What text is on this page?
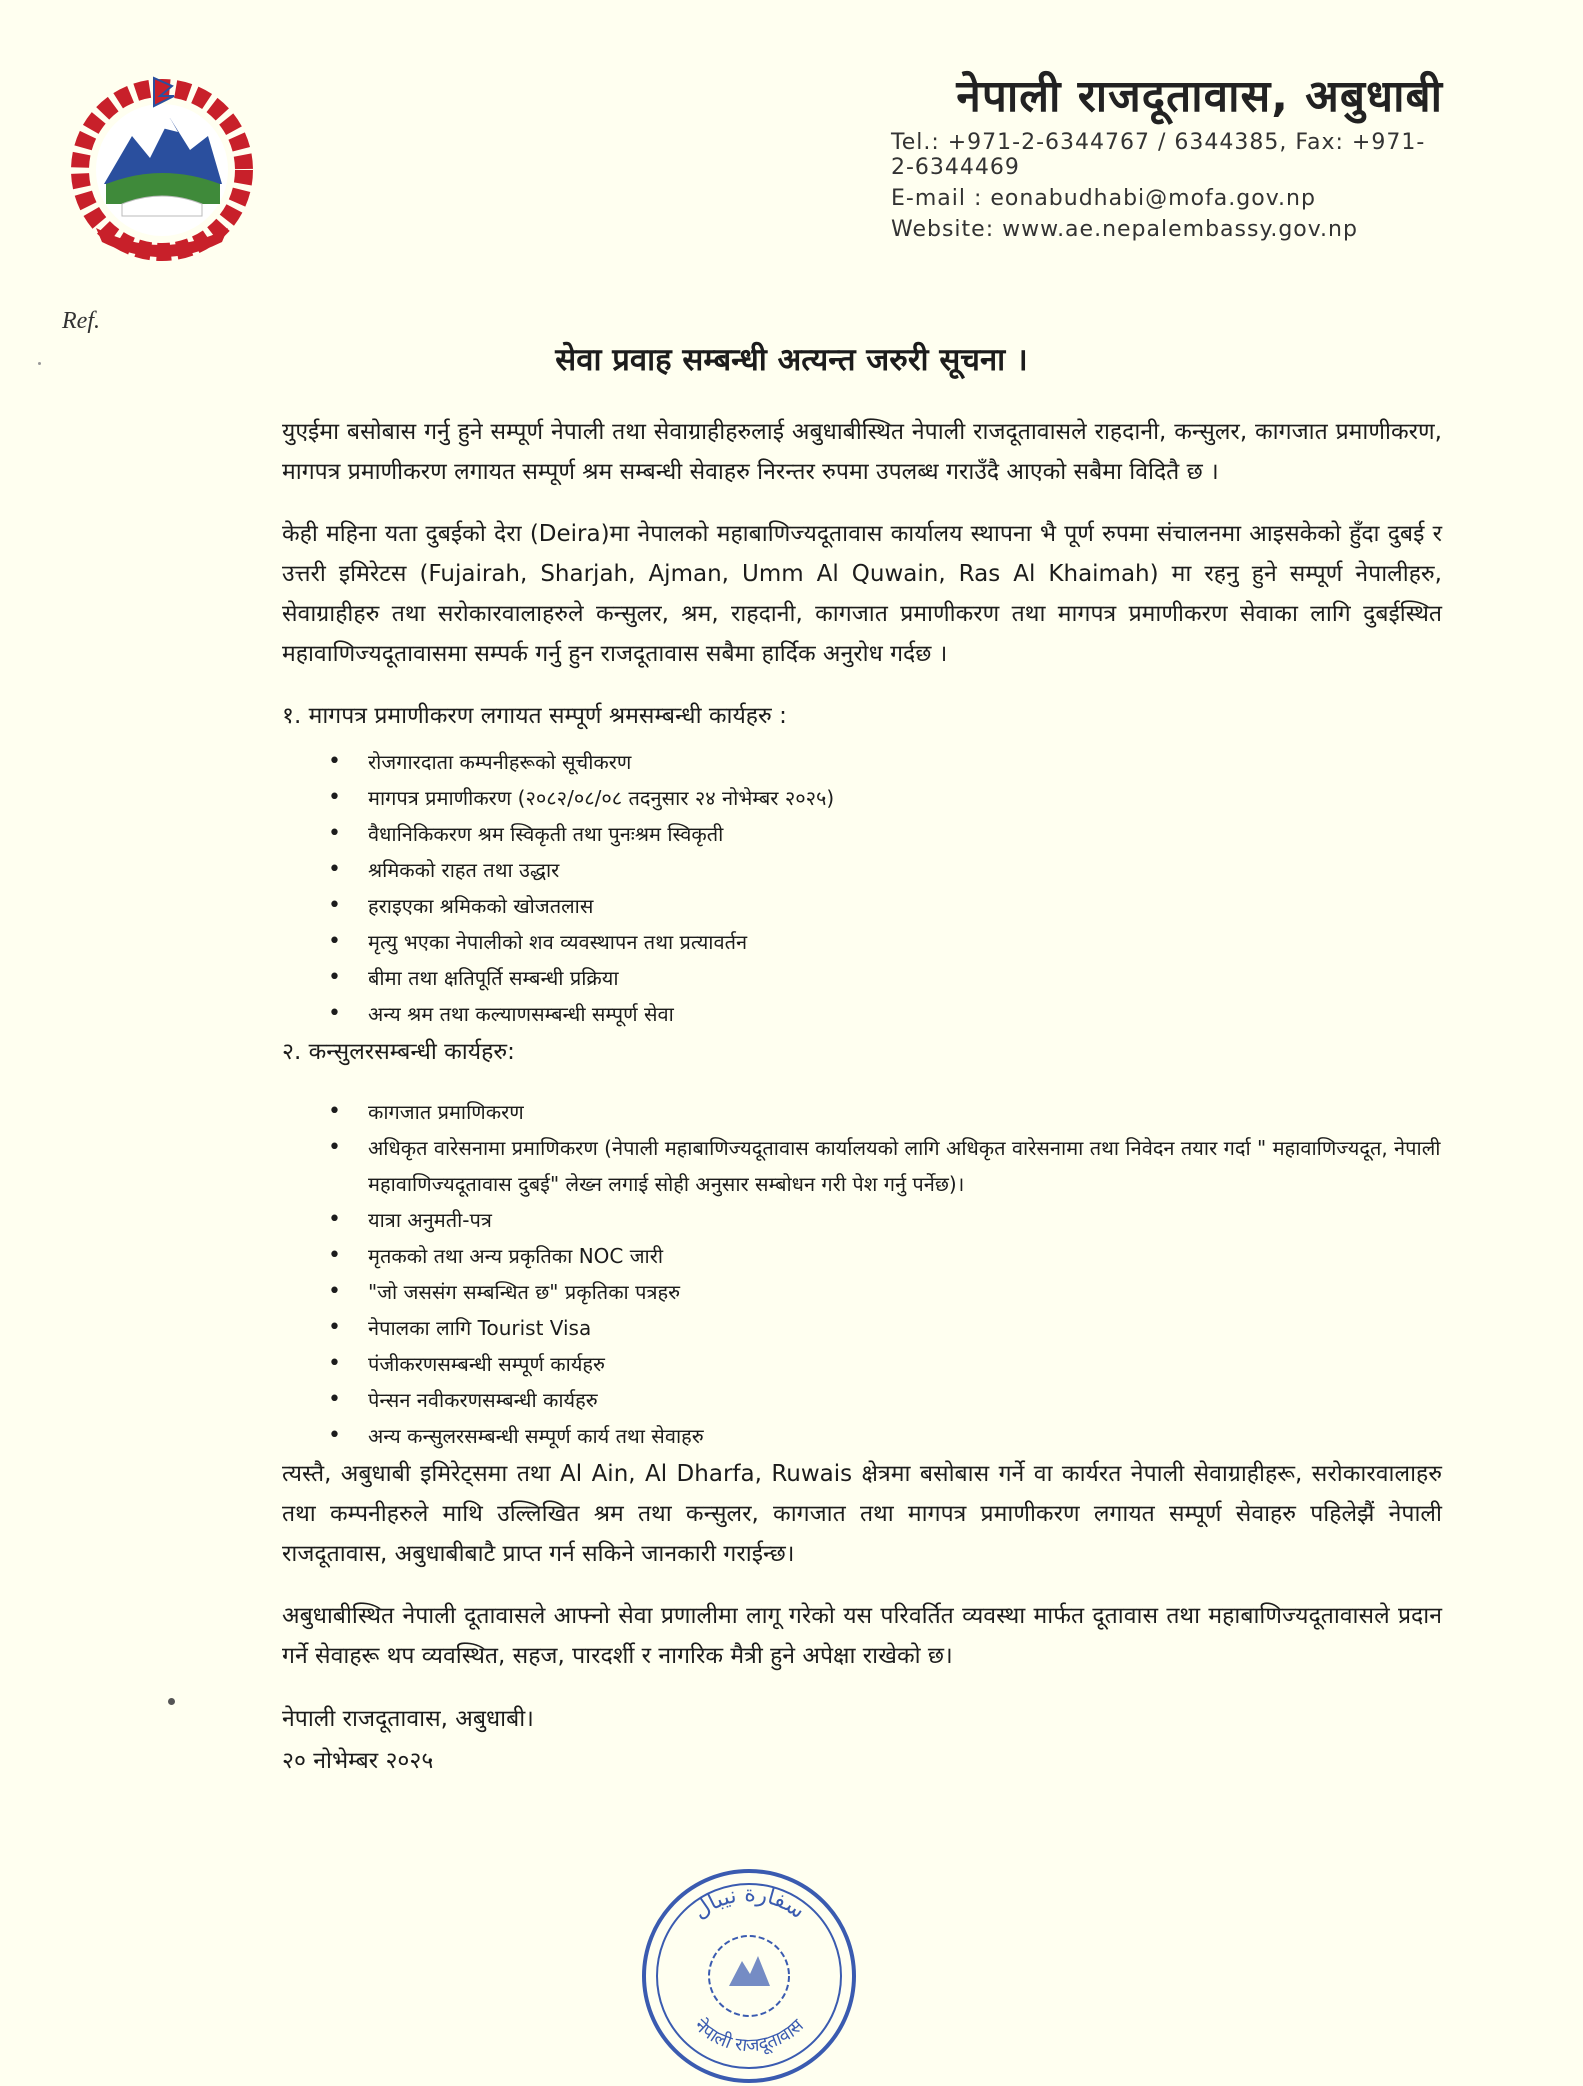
नेपाली राजदूतावास, अबुधाबी
Tel.: +971-2-6344767 / 6344385, Fax: +971-2-6344469
E-mail : eonabudhabi@mofa.gov.np
Website: www.ae.nepalembassy.gov.np
Ref.
सेवा प्रवाह सम्बन्धी अत्यन्त जरुरी सूचना ।

युएईमा बसोबास गर्नु हुने सम्पूर्ण नेपाली तथा सेवाग्राहीहरुलाई अबुधाबीस्थित नेपाली राजदूतावासले राहदानी, कन्सुलर, कागजात प्रमाणीकरण, मागपत्र प्रमाणीकरण लगायत सम्पूर्ण श्रम सम्बन्धी सेवाहरु निरन्तर रुपमा उपलब्ध गराउँदै आएको सबैमा विदितै छ ।

केही महिना यता दुबईको देरा (Deira)मा नेपालको महाबाणिज्यदूतावास कार्यालय स्थापना भै पूर्ण रुपमा संचालनमा आइसकेको हुँदा दुबई र उत्तरी इमिरेटस (Fujairah, Sharjah, Ajman, Umm Al Quwain, Ras Al Khaimah) मा रहनु हुने सम्पूर्ण नेपालीहरु, सेवाग्राहीहरु तथा सरोकारवालाहरुले कन्सुलर, श्रम, राहदानी, कागजात प्रमाणीकरण तथा मागपत्र प्रमाणीकरण सेवाका लागि दुबईस्थित महावाणिज्यदूतावासमा सम्पर्क गर्नु हुन राजदूतावास सबैमा हार्दिक अनुरोध गर्दछ ।

१. मागपत्र प्रमाणीकरण लगायत सम्पूर्ण श्रमसम्बन्धी कार्यहरु :
• रोजगारदाता कम्पनीहरूको सूचीकरण
• मागपत्र प्रमाणीकरण (२०८२/०८/०८ तदनुसार २४ नोभेम्बर २०२५)
• वैधानिकिकरण श्रम स्विकृती तथा पुनःश्रम स्विकृती
• श्रमिकको राहत तथा उद्धार
• हराइएका श्रमिकको खोजतलास
• मृत्यु भएका नेपालीको शव व्यवस्थापन तथा प्रत्यावर्तन
• बीमा तथा क्षतिपूर्ति सम्बन्धी प्रक्रिया
• अन्य श्रम तथा कल्याणसम्बन्धी सम्पूर्ण सेवा
२. कन्सुलरसम्बन्धी कार्यहरु:
• कागजात प्रमाणिकरण
• अधिकृत वारेसनामा प्रमाणिकरण (नेपाली महाबाणिज्यदूतावास कार्यालयको लागि अधिकृत वारेसनामा तथा निवेदन तयार गर्दा " महावाणिज्यदूत, नेपाली महावाणिज्यदूतावास दुबई" लेख्न लगाई सोही अनुसार सम्बोधन गरी पेश गर्नु पर्नेछ)।
• यात्रा अनुमती-पत्र
• मृतकको तथा अन्य प्रकृतिका NOC जारी
• "जो जससंग सम्बन्धित छ" प्रकृतिका पत्रहरु
• नेपालका लागि Tourist Visa
• पंजीकरणसम्बन्धी सम्पूर्ण कार्यहरु
• पेन्सन नवीकरणसम्बन्धी कार्यहरु
• अन्य कन्सुलरसम्बन्धी सम्पूर्ण कार्य तथा सेवाहरु

त्यस्तै, अबुधाबी इमिरेट्समा तथा Al Ain, Al Dharfa, Ruwais क्षेत्रमा बसोबास गर्ने वा कार्यरत नेपाली सेवाग्राहीहरू, सरोकारवालाहरु तथा कम्पनीहरुले माथि उल्लिखित श्रम तथा कन्सुलर, कागजात तथा मागपत्र प्रमाणीकरण लगायत सम्पूर्ण सेवाहरु पहिलेझैं नेपाली राजदूतावास, अबुधाबीबाटै प्राप्त गर्न सकिने जानकारी गराईन्छ।

अबुधाबीस्थित नेपाली दूतावासले आफ्नो सेवा प्रणालीमा लागू गरेको यस परिवर्तित व्यवस्था मार्फत दूतावास तथा महाबाणिज्यदूतावासले प्रदान गर्ने सेवाहरू थप व्यवस्थित, सहज, पारदर्शी र नागरिक मैत्री हुने अपेक्षा राखेको छ।

नेपाली राजदूतावास, अबुधाबी।
२० नोभेम्बर २०२५
سفارة نيبال
नेपाली राजदूतावास
